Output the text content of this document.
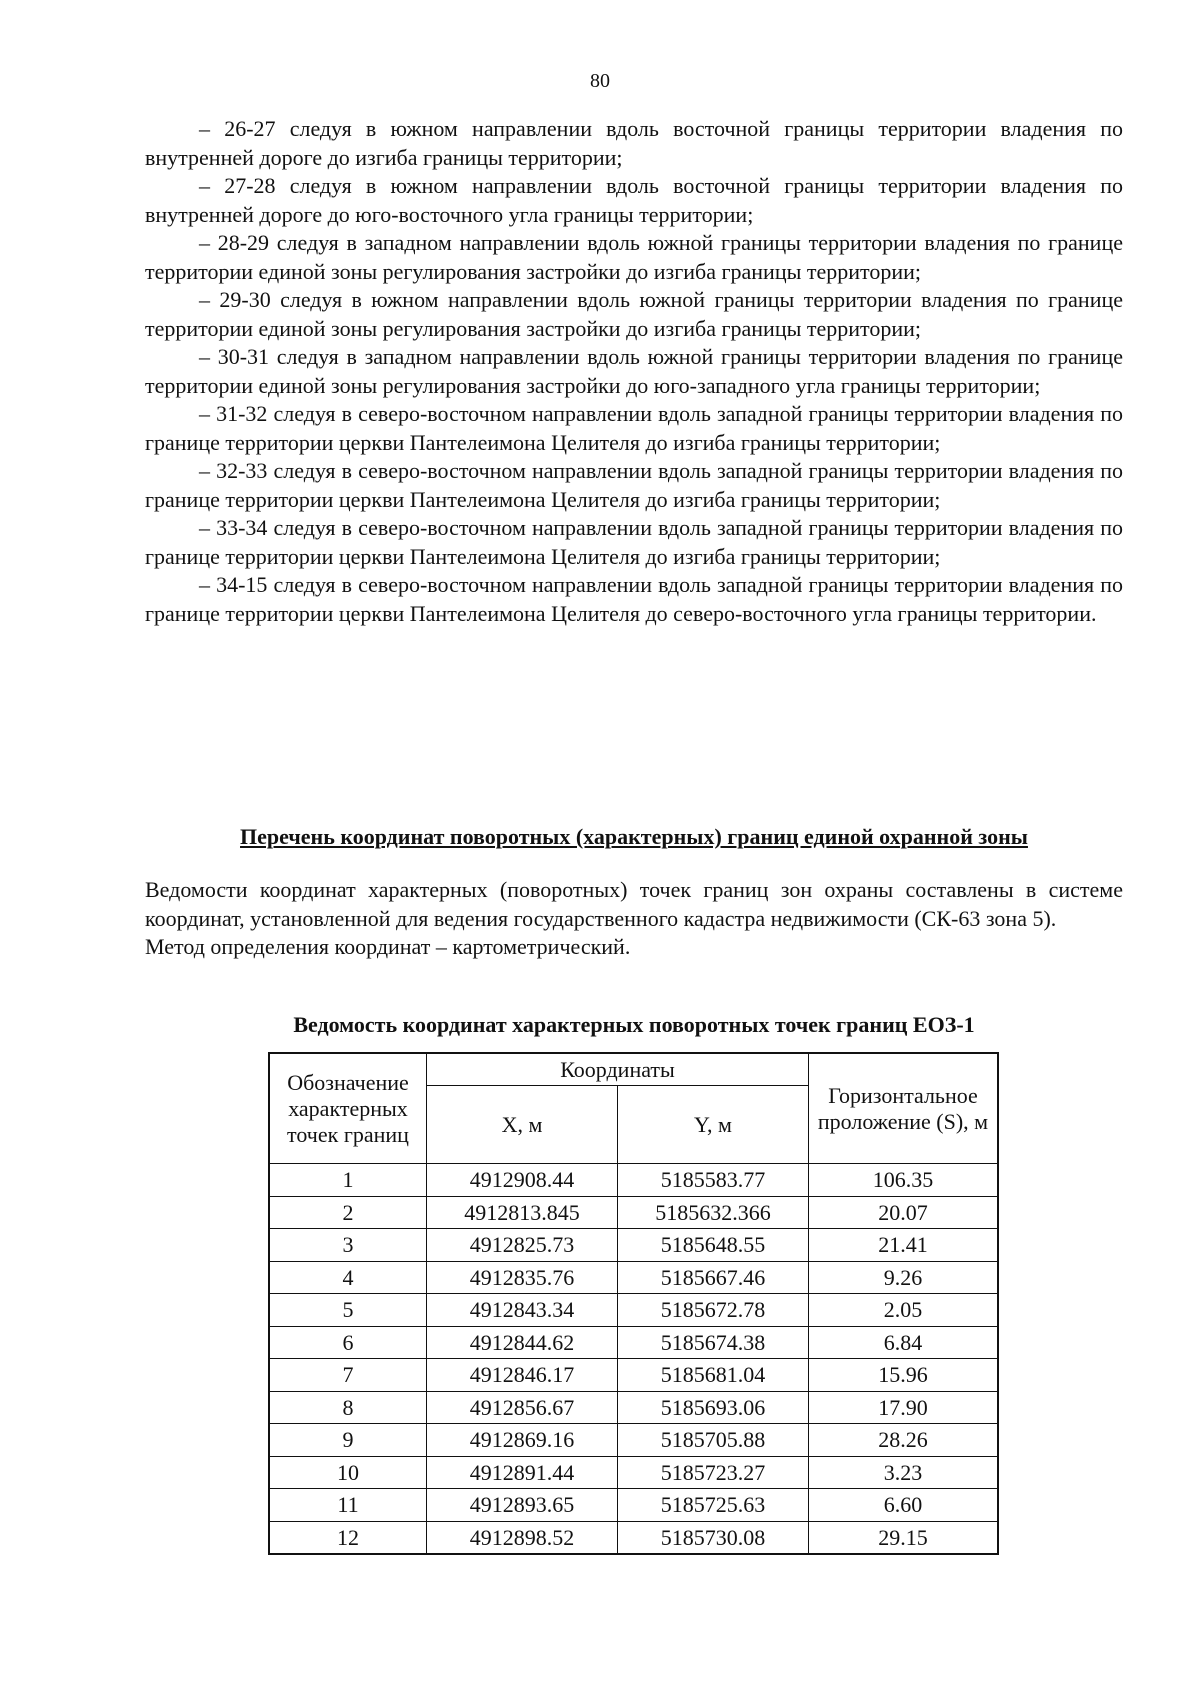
80

– 26-27 следуя в южном направлении вдоль восточной границы территории владения по внутренней дороге до изгиба границы территории;

– 27-28 следуя в южном направлении вдоль восточной границы территории владения по внутренней дороге до юго-восточного угла границы территории;

– 28-29 следуя в западном направлении вдоль южной границы территории владения по границе территории единой зоны регулирования застройки до изгиба границы территории;

– 29-30 следуя в южном направлении вдоль южной границы территории владения по границе территории единой зоны регулирования застройки до изгиба границы территории;

– 30-31 следуя в западном направлении вдоль южной границы территории владения по границе территории единой зоны регулирования застройки до юго-западного угла границы территории;

– 31-32 следуя в северо-восточном направлении вдоль западной границы территории владения по границе территории церкви Пантелеимона Целителя до изгиба границы территории;

– 32-33 следуя в северо-восточном направлении вдоль западной границы территории владения по границе территории церкви Пантелеимона Целителя до изгиба границы территории;

– 33-34 следуя в северо-восточном направлении вдоль западной границы территории владения по границе территории церкви Пантелеимона Целителя до изгиба границы территории;

– 34-15 следуя в северо-восточном направлении вдоль западной границы территории владения по границе территории церкви Пантелеимона Целителя до северо-восточного угла границы территории.

Перечень координат поворотных (характерных) границ единой охранной зоны

Ведомости координат характерных (поворотных) точек границ зон охраны составлены в системе координат, установленной для ведения государственного кадастра недвижимости (СК-63 зона 5).

Метод определения координат – картометрический.

Ведомость координат характерных поворотных точек границ ЕОЗ-1
Обозначение характерных точек границ	Координаты		Горизонтальное проложение (S), м
	X, м	Y, м	
1	4912908.44	5185583.77	106.35
2	4912813.845	5185632.366	20.07
3	4912825.73	5185648.55	21.41
4	4912835.76	5185667.46	9.26
5	4912843.34	5185672.78	2.05
6	4912844.62	5185674.38	6.84
7	4912846.17	5185681.04	15.96
8	4912856.67	5185693.06	17.90
9	4912869.16	5185705.88	28.26
10	4912891.44	5185723.27	3.23
11	4912893.65	5185725.63	6.60
12	4912898.52	5185730.08	29.15
